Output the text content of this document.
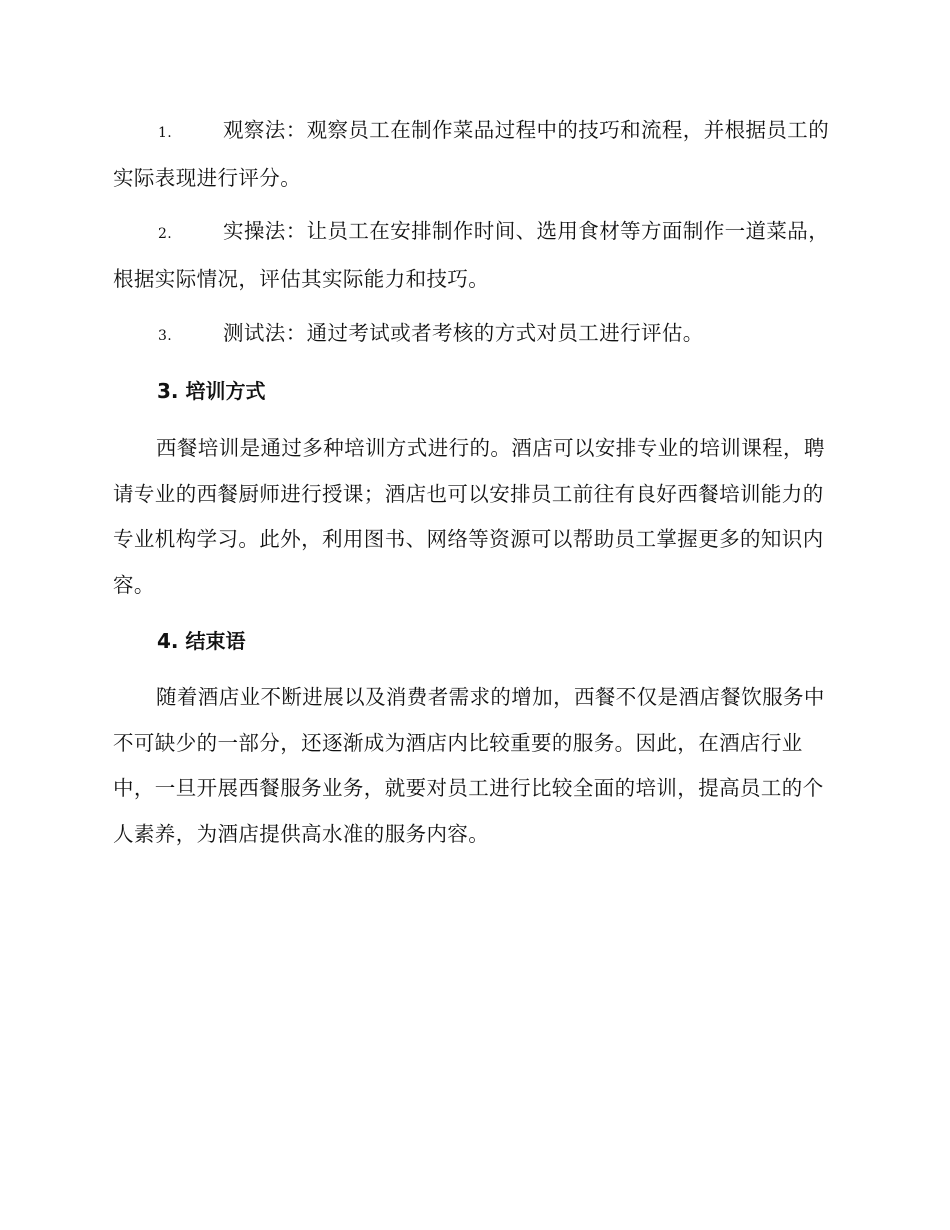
1. 观察法：观察员工在制作菜品过程中的技巧和流程，并根据员工的实际表现进行评分。

2. 实操法：让员工在安排制作时间、选用食材等方面制作一道菜品，根据实际情况，评估其实际能力和技巧。

3. 测试法：通过考试或者考核的方式对员工进行评估。

3. 培训方式

西餐培训是通过多种培训方式进行的。酒店可以安排专业的培训课程，聘请专业的西餐厨师进行授课；酒店也可以安排员工前往有良好西餐培训能力的专业机构学习。此外，利用图书、网络等资源可以帮助员工掌握更多的知识内容。

4. 结束语

随着酒店业不断进展以及消费者需求的增加，西餐不仅是酒店餐饮服务中不可缺少的一部分，还逐渐成为酒店内比较重要的服务。因此，在酒店行业中，一旦开展西餐服务业务，就要对员工进行比较全面的培训，提高员工的个人素养，为酒店提供高水准的服务内容。
